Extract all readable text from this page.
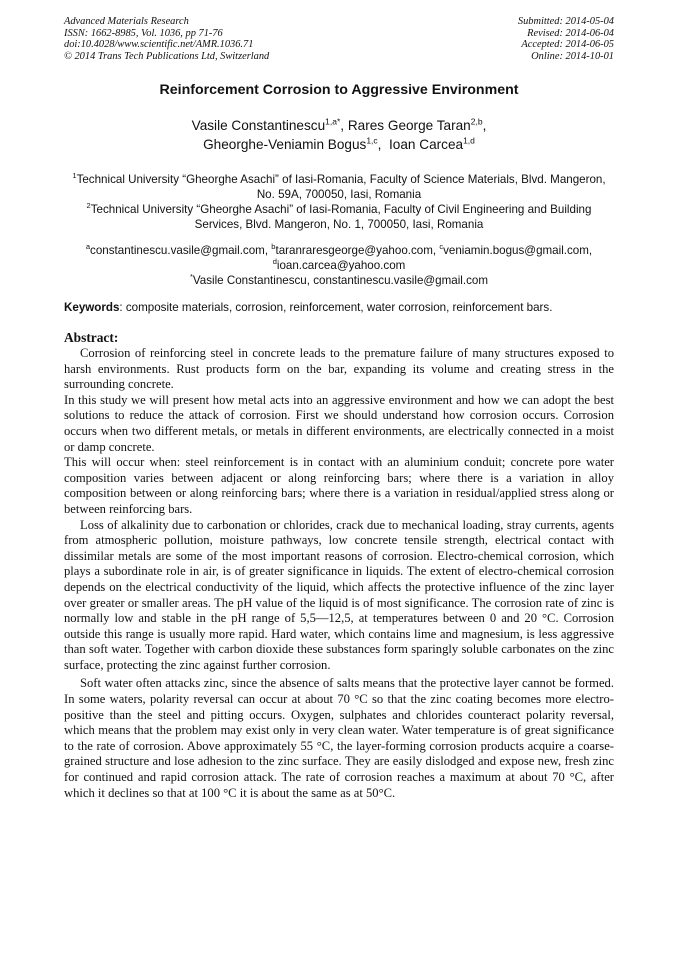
Advanced Materials Research
ISSN: 1662-8985, Vol. 1036, pp 71-76
doi:10.4028/www.scientific.net/AMR.1036.71
© 2014 Trans Tech Publications Ltd, Switzerland
Submitted: 2014-05-04
Revised: 2014-06-04
Accepted: 2014-06-05
Online: 2014-10-01
Reinforcement Corrosion to Aggressive Environment
Vasile Constantinescu$^{1,a*}$, Rares George Taran$^{2,b}$,
Gheorghe-Veniamin Bogus$^{1,c}$,  Ioan Carcea$^{1,d}$
$^1$Technical University “Gheorghe Asachi” of Iasi-Romania, Faculty of Science Materials, Blvd. Mangeron, No. 59A, 700050, Iasi, Romania
$^2$Technical University “Gheorghe Asachi” of Iasi-Romania, Faculty of Civil Engineering and Building Services, Blvd. Mangeron, No. 1, 700050, Iasi, Romania
$^a$constantinescu.vasile@gmail.com, $^b$taranraresgeorge@yahoo.com, $^c$veniamin.bogus@gmail.com,
$^d$ioan.carcea@yahoo.com
*Vasile Constantinescu, constantinescu.vasile@gmail.com
Keywords: composite materials, corrosion, reinforcement, water corrosion, reinforcement bars.
Abstract:

Corrosion of reinforcing steel in concrete leads to the premature failure of many structures exposed to harsh environments. Rust products form on the bar, expanding its volume and creating stress in the surrounding concrete.

In this study we will present how metal acts into an aggressive environment and how we can adopt the best solutions to reduce the attack of corrosion. First we should understand how corrosion occurs. Corrosion occurs when two different metals, or metals in different environments, are electrically connected in a moist or damp concrete.

This will occur when: steel reinforcement is in contact with an aluminium conduit; concrete pore water composition varies between adjacent or along reinforcing bars; where there is a variation in alloy composition between or along reinforcing bars; where there is a variation in residual/applied stress along or between reinforcing bars.

Loss of alkalinity due to carbonation or chlorides, crack due to mechanical loading, stray currents, agents from atmospheric pollution, moisture pathways, low concrete tensile strength, electrical contact with dissimilar metals are some of the most important reasons of corrosion. Electro-chemical corrosion, which plays a subordinate role in air, is of greater significance in liquids. The extent of electro-chemical corrosion depends on the electrical conductivity of the liquid, which affects the protective influence of the zinc layer over greater or smaller areas. The pH value of the liquid is of most significance. The corrosion rate of zinc is normally low and stable in the pH range of 5,5—12,5, at temperatures between 0 and 20 °C. Corrosion outside this range is usually more rapid. Hard water, which contains lime and magnesium, is less aggressive than soft water. Together with carbon dioxide these substances form sparingly soluble carbonates on the zinc surface, protecting the zinc against further corrosion.

Soft water often attacks zinc, since the absence of salts means that the protective layer cannot be formed. In some waters, polarity reversal can occur at about 70 °C so that the zinc coating becomes more electro-positive than the steel and pitting occurs. Oxygen, sulphates and chlorides counteract polarity reversal, which means that the problem may exist only in very clean water. Water temperature is of great significance to the rate of corrosion. Above approximately 55 °C, the layer-forming corrosion products acquire a coarse-grained structure and lose adhesion to the zinc surface. They are easily dislodged and expose new, fresh zinc for continued and rapid corrosion attack. The rate of corrosion reaches a maximum at about 70 °C, after which it declines so that at 100 °C it is about the same as at 50°C.
